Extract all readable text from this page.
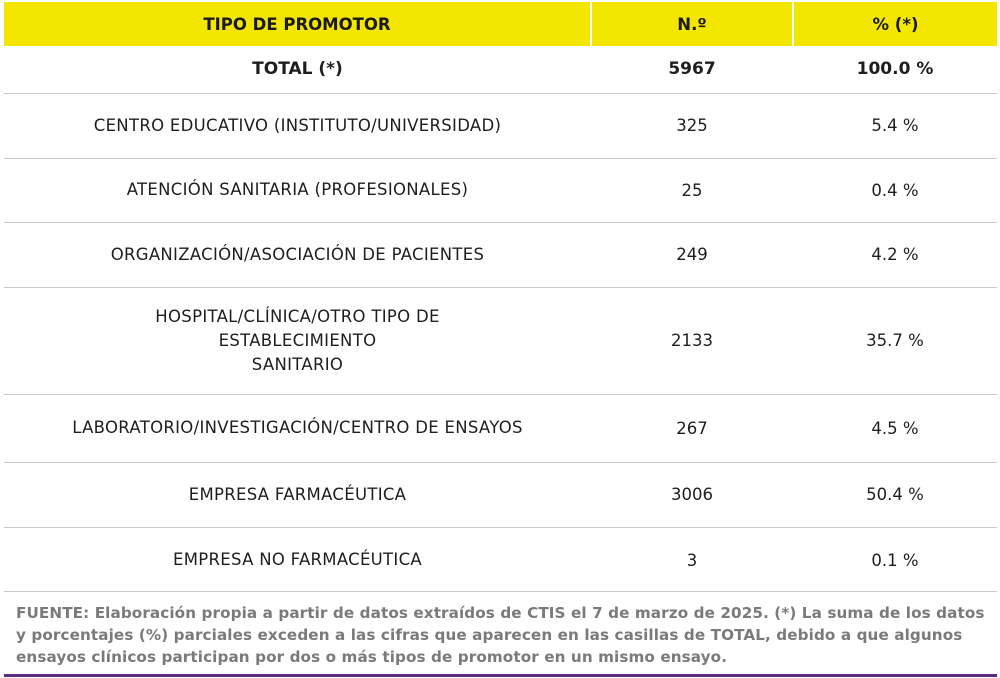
TIPO DE PROMOTOR	N.º	% (*)
TOTAL (*)	5967	100.0 %

CENTRO EDUCATIVO (INSTITUTO/UNIVERSIDAD)	325	5.4 %

ATENCIÓN SANITARIA (PROFESIONALES)	25	0.4 %

ORGANIZACIÓN/ASOCIACIÓN DE PACIENTES	249	4.2 %

HOSPITAL/CLÍNICA/OTRO TIPO DE
ESTABLECIMIENTO
SANITARIO	2133	35.7 %

LABORATORIO/INVESTIGACIÓN/CENTRO DE ENSAYOS	267	4.5 %

EMPRESA FARMACÉUTICA	3006	50.4 %

EMPRESA NO FARMACÉUTICA	3	0.1 %
FUENTE: Elaboración propia a partir de datos extraídos de CTIS el 7 de marzo de 2025. (*) La suma de los datos y porcentajes (%) parciales exceden a las cifras que aparecen en las casillas de TOTAL, debido a que algunos ensayos clínicos participan por dos o más tipos de promotor en un mismo ensayo.
